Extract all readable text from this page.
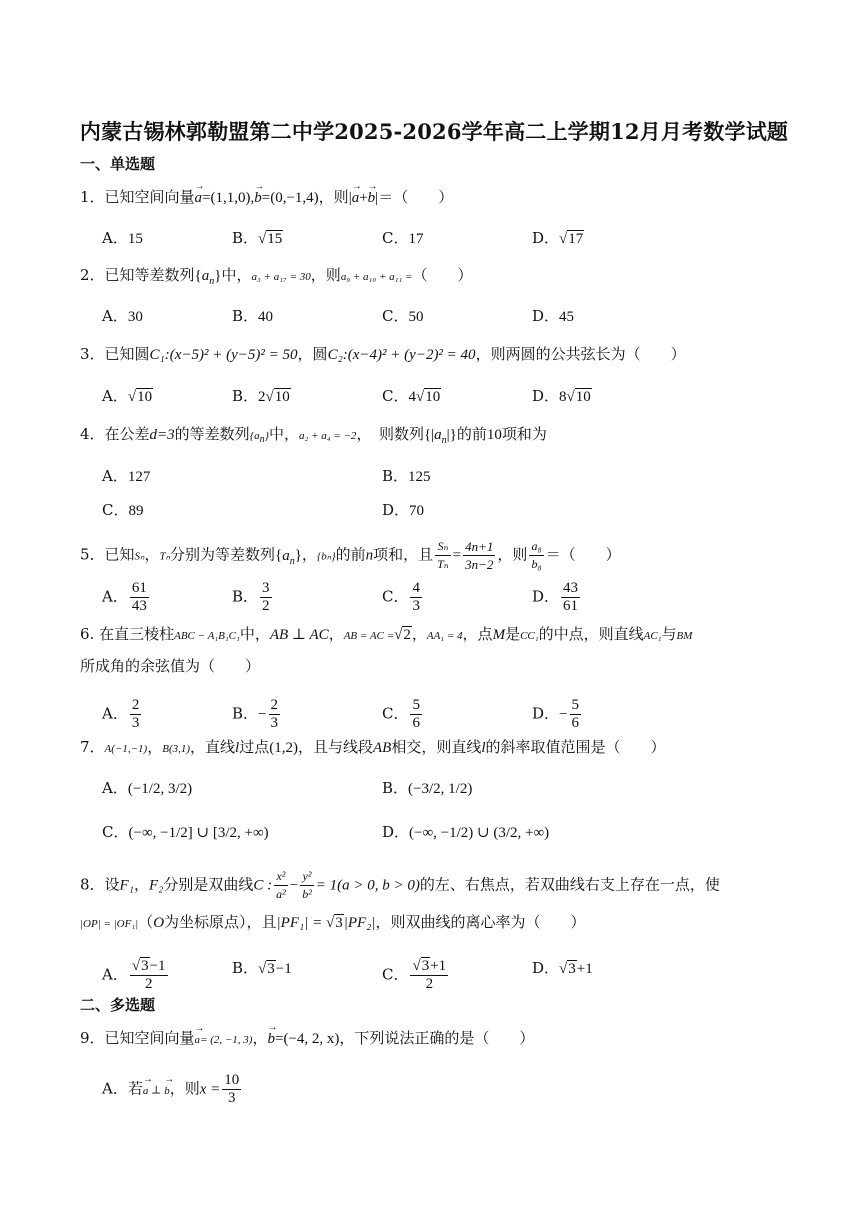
内蒙古锡林郭勒盟第二中学2025-2026学年高二上学期12月月考数学试题
一、单选题
1．已知空间向量→ a=(1,1,0),→ b=(0,−1,4)，则|→ a+→ b|＝（　　）
A．15	B．√15	C．17	D．√17
2．已知等差数列$\{a_n\}$中，a₃ + a₁₇ = 30，则a₉ + a₁₀ + a₁₁ =（　　）
A．30	B．40	C．50	D．45
3．已知圆C₁:(x−5)² + (y−5)² = 50，圆C₂:(x−4)² + (y−2)² = 40，则两圆的公共弦长为（　　）
A．√10	B．2√10	C．4√10	D．8√10
4．在公差d=3的等差数列$\{a_n\}$中，a₂ + a₄ = −2，　则数列$\{|a_n|\}$的前10项和为
A．127	B．125
C．89	D．70
5．已知Sₙ，Tₙ分别为等差数列$\{a_n\}$，{bₙ}的前n项和，且 $\frac{\text{Sₙ}}{\text{Tₙ}} = \frac{4n+1}{3n-2}$ ，则 $\frac{\text{a₈}}{\text{b₈}}$ ＝（　　）
A． $\frac{61}{43}$	B． $\frac{3}{2}$	C． $\frac{4}{3}$	D． $\frac{43}{61}$
6. 在直三棱柱ABC − A₁B₁C₁中，AB ⊥ AC，AB = AC =√2，AA₁ = 4，点M是CC₁的中点，则直线AC₁与BM
所成角的余弦值为（　　）
A． $\frac{2}{3}$	B．− $\frac{2}{3}$	C． $\frac{5}{6}$	D．− $\frac{5}{6}$
7．A(−1,−1)，B(3,1)，直线l过点(1,2)，且与线段AB相交，则直线l的斜率取值范围是（　　）
A．(−1/2, 3/2)	B．(−3/2, 1/2)
C．(−∞, −1/2] ∪ [3/2, +∞)	D．(−∞, −1/2) ∪ (3/2, +∞)
8．设F₁，F₂分别是双曲线C : $\frac{\text{x²}}{\text{a²}} - \frac{\text{y²}}{\text{b²}} = 1(a > 0$, b > 0)的左、右焦点，若双曲线右支上存在一点，使
|OP| = |OF₁|（O为坐标原点），且|PF₁| = √3|PF₂|，则双曲线的离心率为（　　）
A． $\frac{√3-1}{2}$	B．√3−1	C． $\frac{√3+1}{2}$	D．√3+1
二、多选题
9．已知空间向量→ a= (2, −1, 3)，→ b=(−4, 2, x)，下列说法正确的是（　　）
A．若→ a ⊥ → b，则$x = \frac{10}{3}$
